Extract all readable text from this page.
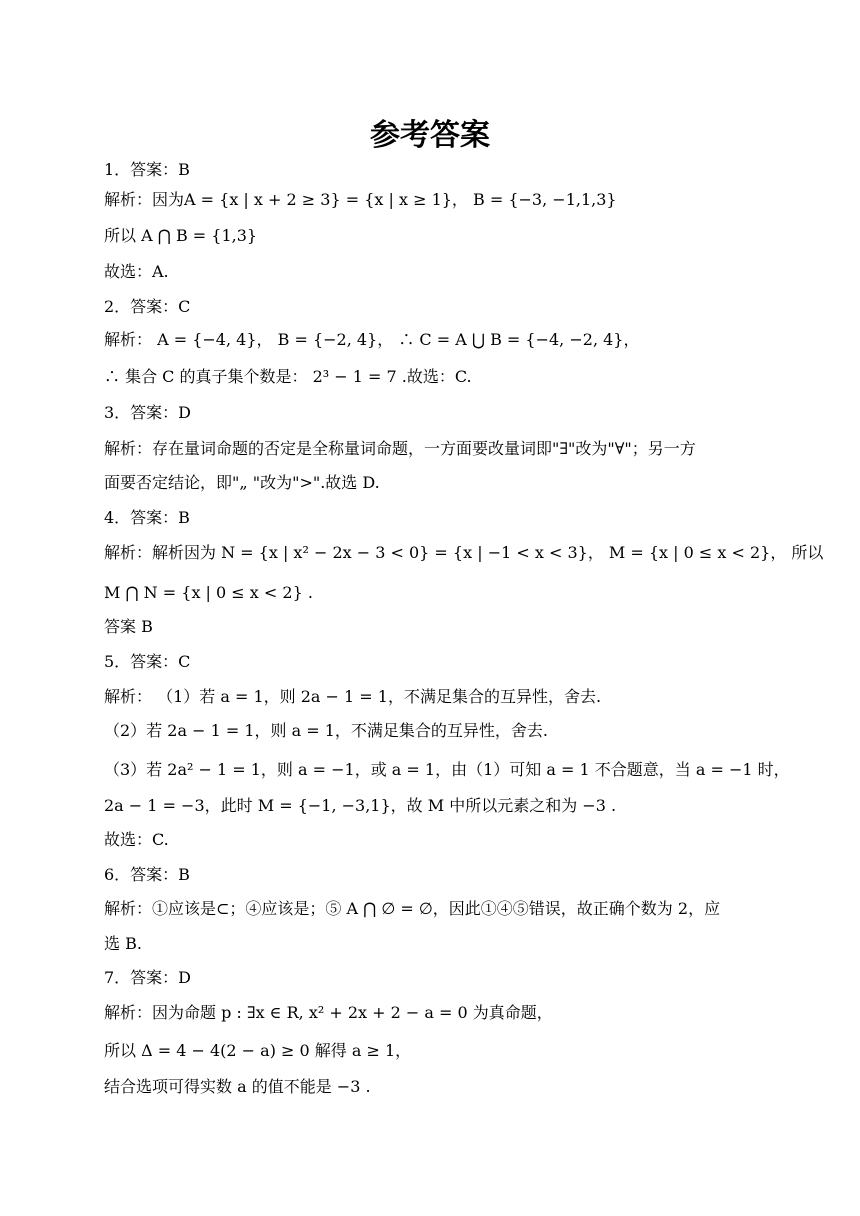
参考答案
1．答案：B
解析：因为A = {x | x + 2 ≥ 3} = {x | x ≥ 1}， B = {−3, −1,1,3}
所以 A ⋂ B = {1,3}
故选：A.
2．答案：C
解析： A = {−4, 4}， B = {−2, 4}， ∴ C = A ⋃ B = {−4, −2, 4}，
∴ 集合 C 的真子集个数是： 2³ − 1 = 7 .故选：C.
3．答案：D
解析：存在量词命题的否定是全称量词命题，一方面要改量词即"∃"改为"∀"；另一方
面要否定结论，即"„ "改为">".故选 D.
4．答案：B
解析：解析因为 N = {x | x² − 2x − 3 < 0} = {x | −1 < x < 3}， M = {x | 0 ≤ x < 2}， 所以
M ⋂ N = {x | 0 ≤ x < 2} .
答案 B
5．答案：C
解析： （1）若 a = 1，则 2a − 1 = 1，不满足集合的互异性，舍去.
（2）若 2a − 1 = 1，则 a = 1，不满足集合的互异性，舍去.
（3）若 2a² − 1 = 1，则 a = −1，或 a = 1，由（1）可知 a = 1 不合题意，当 a = −1 时，
2a − 1 = −3，此时 M = {−1, −3,1}，故 M 中所以元素之和为 −3 .
故选：C.
6．答案：B
解析：①应该是⊂；④应该是；⑤ A ⋂ ∅ = ∅，因此①④⑤错误，故正确个数为 2，应
选 B.
7．答案：D
解析：因为命题 p : ∃x ∈ R, x² + 2x + 2 − a = 0 为真命题，
所以 Δ = 4 − 4(2 − a) ≥ 0 解得 a ≥ 1，
结合选项可得实数 a 的值不能是 −3 .
